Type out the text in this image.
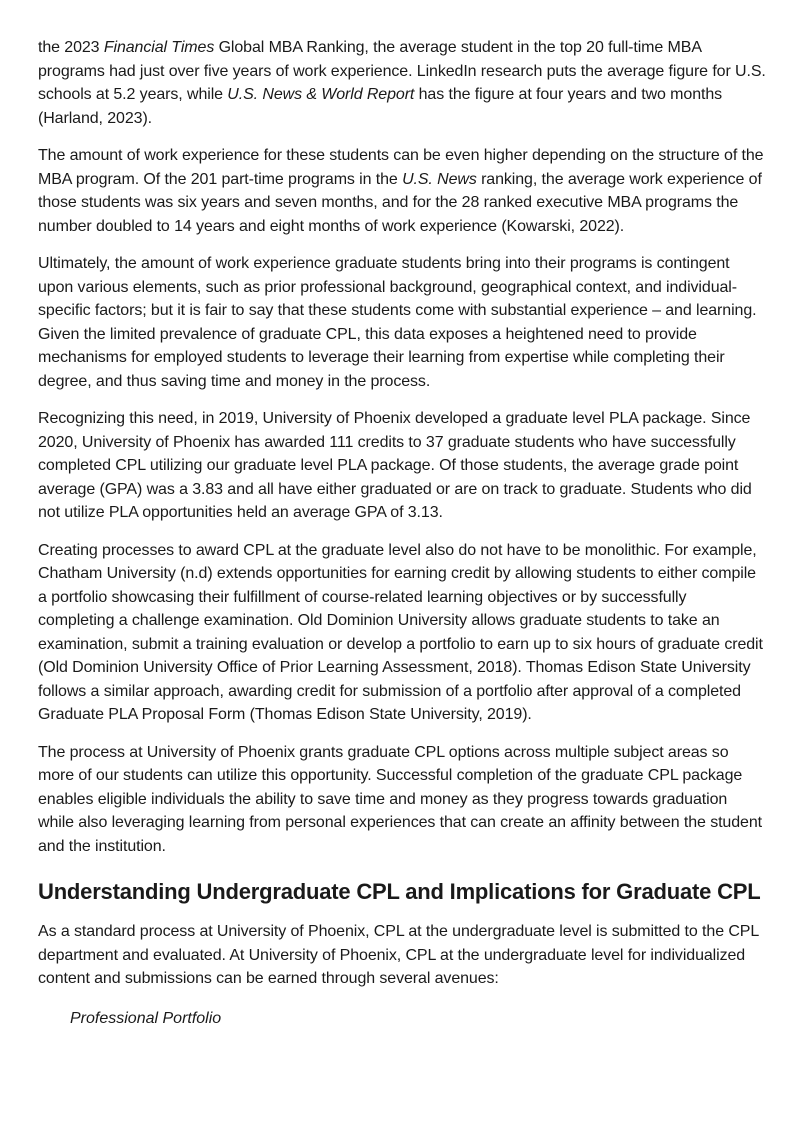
the 2023 Financial Times Global MBA Ranking, the average student in the top 20 full-time MBA programs had just over five years of work experience. LinkedIn research puts the average figure for U.S. schools at 5.2 years, while U.S. News & World Report has the figure at four years and two months (Harland, 2023).

The amount of work experience for these students can be even higher depending on the structure of the MBA program. Of the 201 part-time programs in the U.S. News ranking, the average work experience of those students was six years and seven months, and for the 28 ranked executive MBA programs the number doubled to 14 years and eight months of work experience (Kowarski, 2022).

Ultimately, the amount of work experience graduate students bring into their programs is contingent upon various elements, such as prior professional background, geographical context, and individual-specific factors; but it is fair to say that these students come with substantial experience – and learning. Given the limited prevalence of graduate CPL, this data exposes a heightened need to provide mechanisms for employed students to leverage their learning from expertise while completing their degree, and thus saving time and money in the process.

Recognizing this need, in 2019, University of Phoenix developed a graduate level PLA package. Since 2020, University of Phoenix has awarded 111 credits to 37 graduate students who have successfully completed CPL utilizing our graduate level PLA package. Of those students, the average grade point average (GPA) was a 3.83 and all have either graduated or are on track to graduate. Students who did not utilize PLA opportunities held an average GPA of 3.13.

Creating processes to award CPL at the graduate level also do not have to be monolithic. For example, Chatham University (n.d) extends opportunities for earning credit by allowing students to either compile a portfolio showcasing their fulfillment of course-related learning objectives or by successfully completing a challenge examination. Old Dominion University allows graduate students to take an examination, submit a training evaluation or develop a portfolio to earn up to six hours of graduate credit (Old Dominion University Office of Prior Learning Assessment, 2018). Thomas Edison State University follows a similar approach, awarding credit for submission of a portfolio after approval of a completed Graduate PLA Proposal Form (Thomas Edison State University, 2019).

The process at University of Phoenix grants graduate CPL options across multiple subject areas so more of our students can utilize this opportunity. Successful completion of the graduate CPL package enables eligible individuals the ability to save time and money as they progress towards graduation while also leveraging learning from personal experiences that can create an affinity between the student and the institution.

Understanding Undergraduate CPL and Implications for Graduate CPL

As a standard process at University of Phoenix, CPL at the undergraduate level is submitted to the CPL department and evaluated. At University of Phoenix, CPL at the undergraduate level for individualized content and submissions can be earned through several avenues:

Professional Portfolio
